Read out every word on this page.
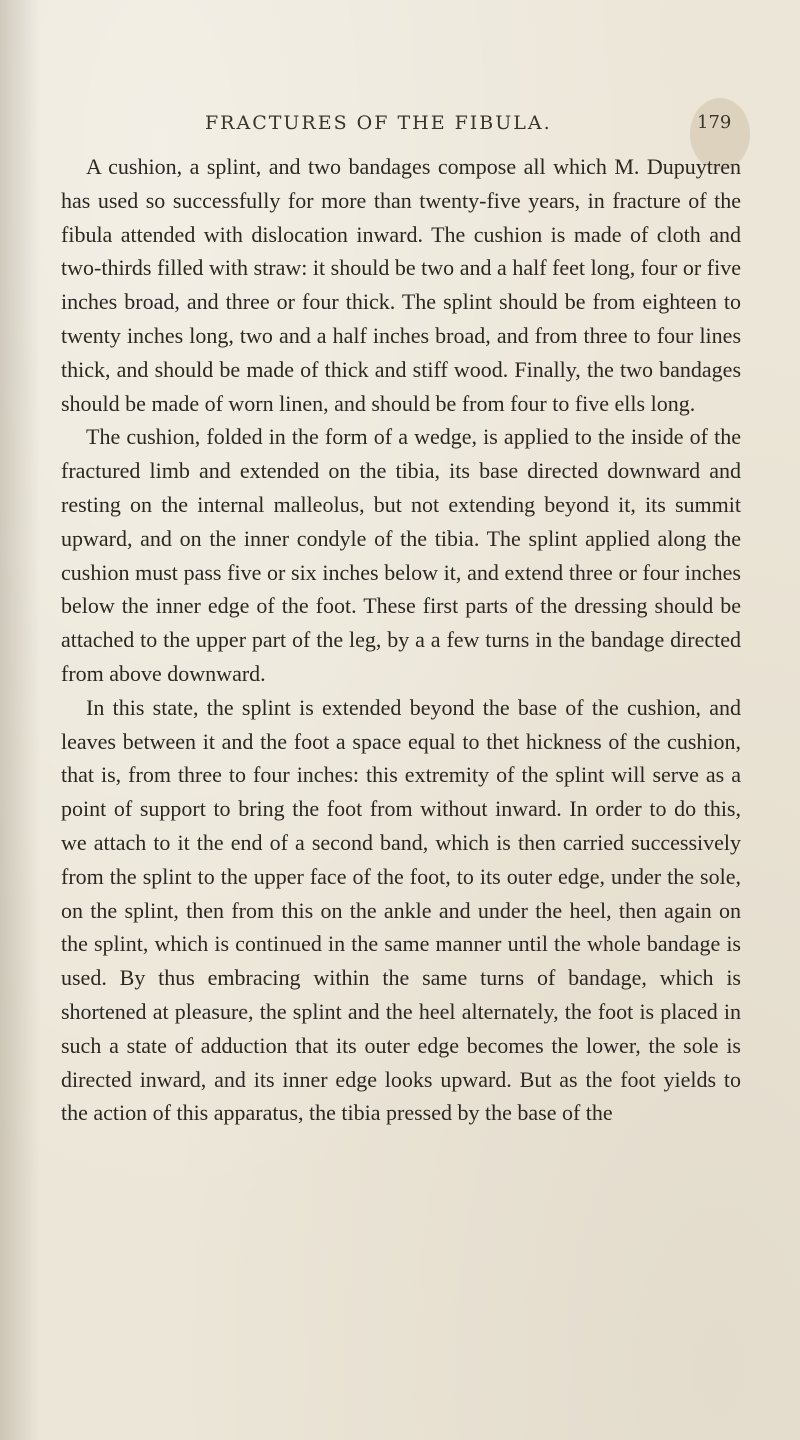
FRACTURES OF THE FIBULA.	179

A cushion, a splint, and two bandages compose all which M. Dupuytren has used so successfully for more than twenty-five years, in fracture of the fibula attended with dislocation inward. The cushion is made of cloth and two-thirds filled with straw: it should be two and a half feet long, four or five inches broad, and three or four thick. The splint should be from eighteen to twenty inches long, two and a half inches broad, and from three to four lines thick, and should be made of thick and stiff wood. Finally, the two bandages should be made of worn linen, and should be from four to five ells long.

The cushion, folded in the form of a wedge, is applied to the inside of the fractured limb and extended on the tibia, its base directed downward and resting on the internal malleolus, but not extending beyond it, its summit upward, and on the inner condyle of the tibia. The splint applied along the cushion must pass five or six inches below it, and extend three or four inches below the inner edge of the foot. These first parts of the dressing should be attached to the upper part of the leg, by a a few turns in the bandage directed from above downward.

In this state, the splint is extended beyond the base of the cushion, and leaves between it and the foot a space equal to thet hickness of the cushion, that is, from three to four inches: this extremity of the splint will serve as a point of support to bring the foot from without inward. In order to do this, we attach to it the end of a second band, which is then carried successively from the splint to the upper face of the foot, to its outer edge, under the sole, on the splint, then from this on the ankle and under the heel, then again on the splint, which is continued in the same manner until the whole bandage is used. By thus embracing within the same turns of bandage, which is shortened at pleasure, the splint and the heel alternately, the foot is placed in such a state of adduction that its outer edge becomes the lower, the sole is directed inward, and its inner edge looks upward. But as the foot yields to the action of this apparatus, the tibia pressed by the base of the
